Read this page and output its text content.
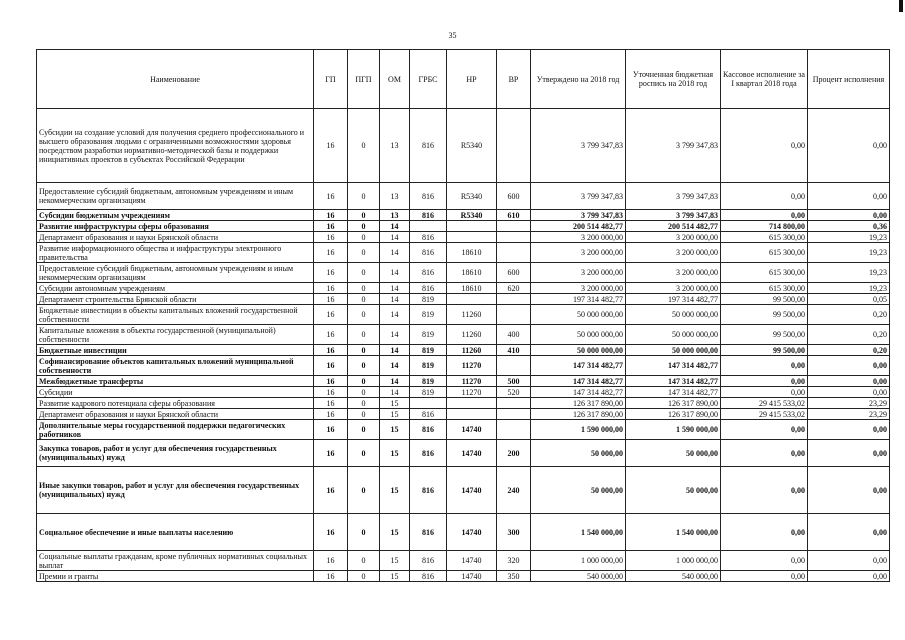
35
Наименование	ГП	ПГП	ОМ	ГРБС	НР	ВР	Утверждено на 2018 год	Уточненная бюджетная роспись на 2018 год	Кассовое исполнение за I квартал 2018 года	Процент исполнения
Субсидии на создание условий для получения среднего профессионального и высшего образования людьми с ограниченными возможностями здоровья посредством разработки нормативно-методической базы и поддержки инициативных проектов в субъектах Российской Федерации	16	0	13	816	R5340		3 799 347,83	3 799 347,83	0,00	0,00
Предоставление субсидий бюджетным, автономным учреждениям и иным некоммерческим организациям	16	0	13	816	R5340	600	3 799 347,83	3 799 347,83	0,00	0,00
Субсидии бюджетным учреждениям	16	0	13	816	R5340	610	3 799 347,83	3 799 347,83	0,00	0,00
Развитие инфраструктуры сферы образования	16	0	14				200 514 482,77	200 514 482,77	714 800,00	0,36
Департамент образования и науки Брянской области	16	0	14	816			3 200 000,00	3 200 000,00	615 300,00	19,23
Развитие информационного общества и инфраструктуры электронного правительства	16	0	14	816	18610		3 200 000,00	3 200 000,00	615 300,00	19,23
Предоставление субсидий бюджетным, автономным учреждениям и иным некоммерческим организациям	16	0	14	816	18610	600	3 200 000,00	3 200 000,00	615 300,00	19,23
Субсидии автономным учреждениям	16	0	14	816	18610	620	3 200 000,00	3 200 000,00	615 300,00	19,23
Департамент строительства Брянской области	16	0	14	819			197 314 482,77	197 314 482,77	99 500,00	0,05
Бюджетные инвестиции в объекты капитальных вложений государственной собственности	16	0	14	819	11260		50 000 000,00	50 000 000,00	99 500,00	0,20
Капитальные вложения в объекты государственной (муниципальной) собственности	16	0	14	819	11260	400	50 000 000,00	50 000 000,00	99 500,00	0,20
Бюджетные инвестиции	16	0	14	819	11260	410	50 000 000,00	50 000 000,00	99 500,00	0,20
Софинансирование объектов капитальных вложений муниципальной собственности	16	0	14	819	11270		147 314 482,77	147 314 482,77	0,00	0,00
Межбюджетные трансферты	16	0	14	819	11270	500	147 314 482,77	147 314 482,77	0,00	0,00
Субсидии	16	0	14	819	11270	520	147 314 482,77	147 314 482,77	0,00	0,00
Развитие кадрового потенциала сферы образования	16	0	15				126 317 890,00	126 317 890,00	29 415 533,02	23,29
Департамент образования и науки Брянской области	16	0	15	816			126 317 890,00	126 317 890,00	29 415 533,02	23,29
Дополнительные меры государственной поддержки педагогических работников	16	0	15	816	14740		1 590 000,00	1 590 000,00	0,00	0,00
Закупка товаров, работ и услуг для обеспечения государственных (муниципальных) нужд	16	0	15	816	14740	200	50 000,00	50 000,00	0,00	0,00
Иные закупки товаров, работ и услуг для обеспечения государственных (муниципальных) нужд	16	0	15	816	14740	240	50 000,00	50 000,00	0,00	0,00
Социальное обеспечение и иные выплаты населению	16	0	15	816	14740	300	1 540 000,00	1 540 000,00	0,00	0,00
Социальные выплаты гражданам, кроме публичных нормативных социальных выплат	16	0	15	816	14740	320	1 000 000,00	1 000 000,00	0,00	0,00
Премии и гранты	16	0	15	816	14740	350	540 000,00	540 000,00	0,00	0,00
